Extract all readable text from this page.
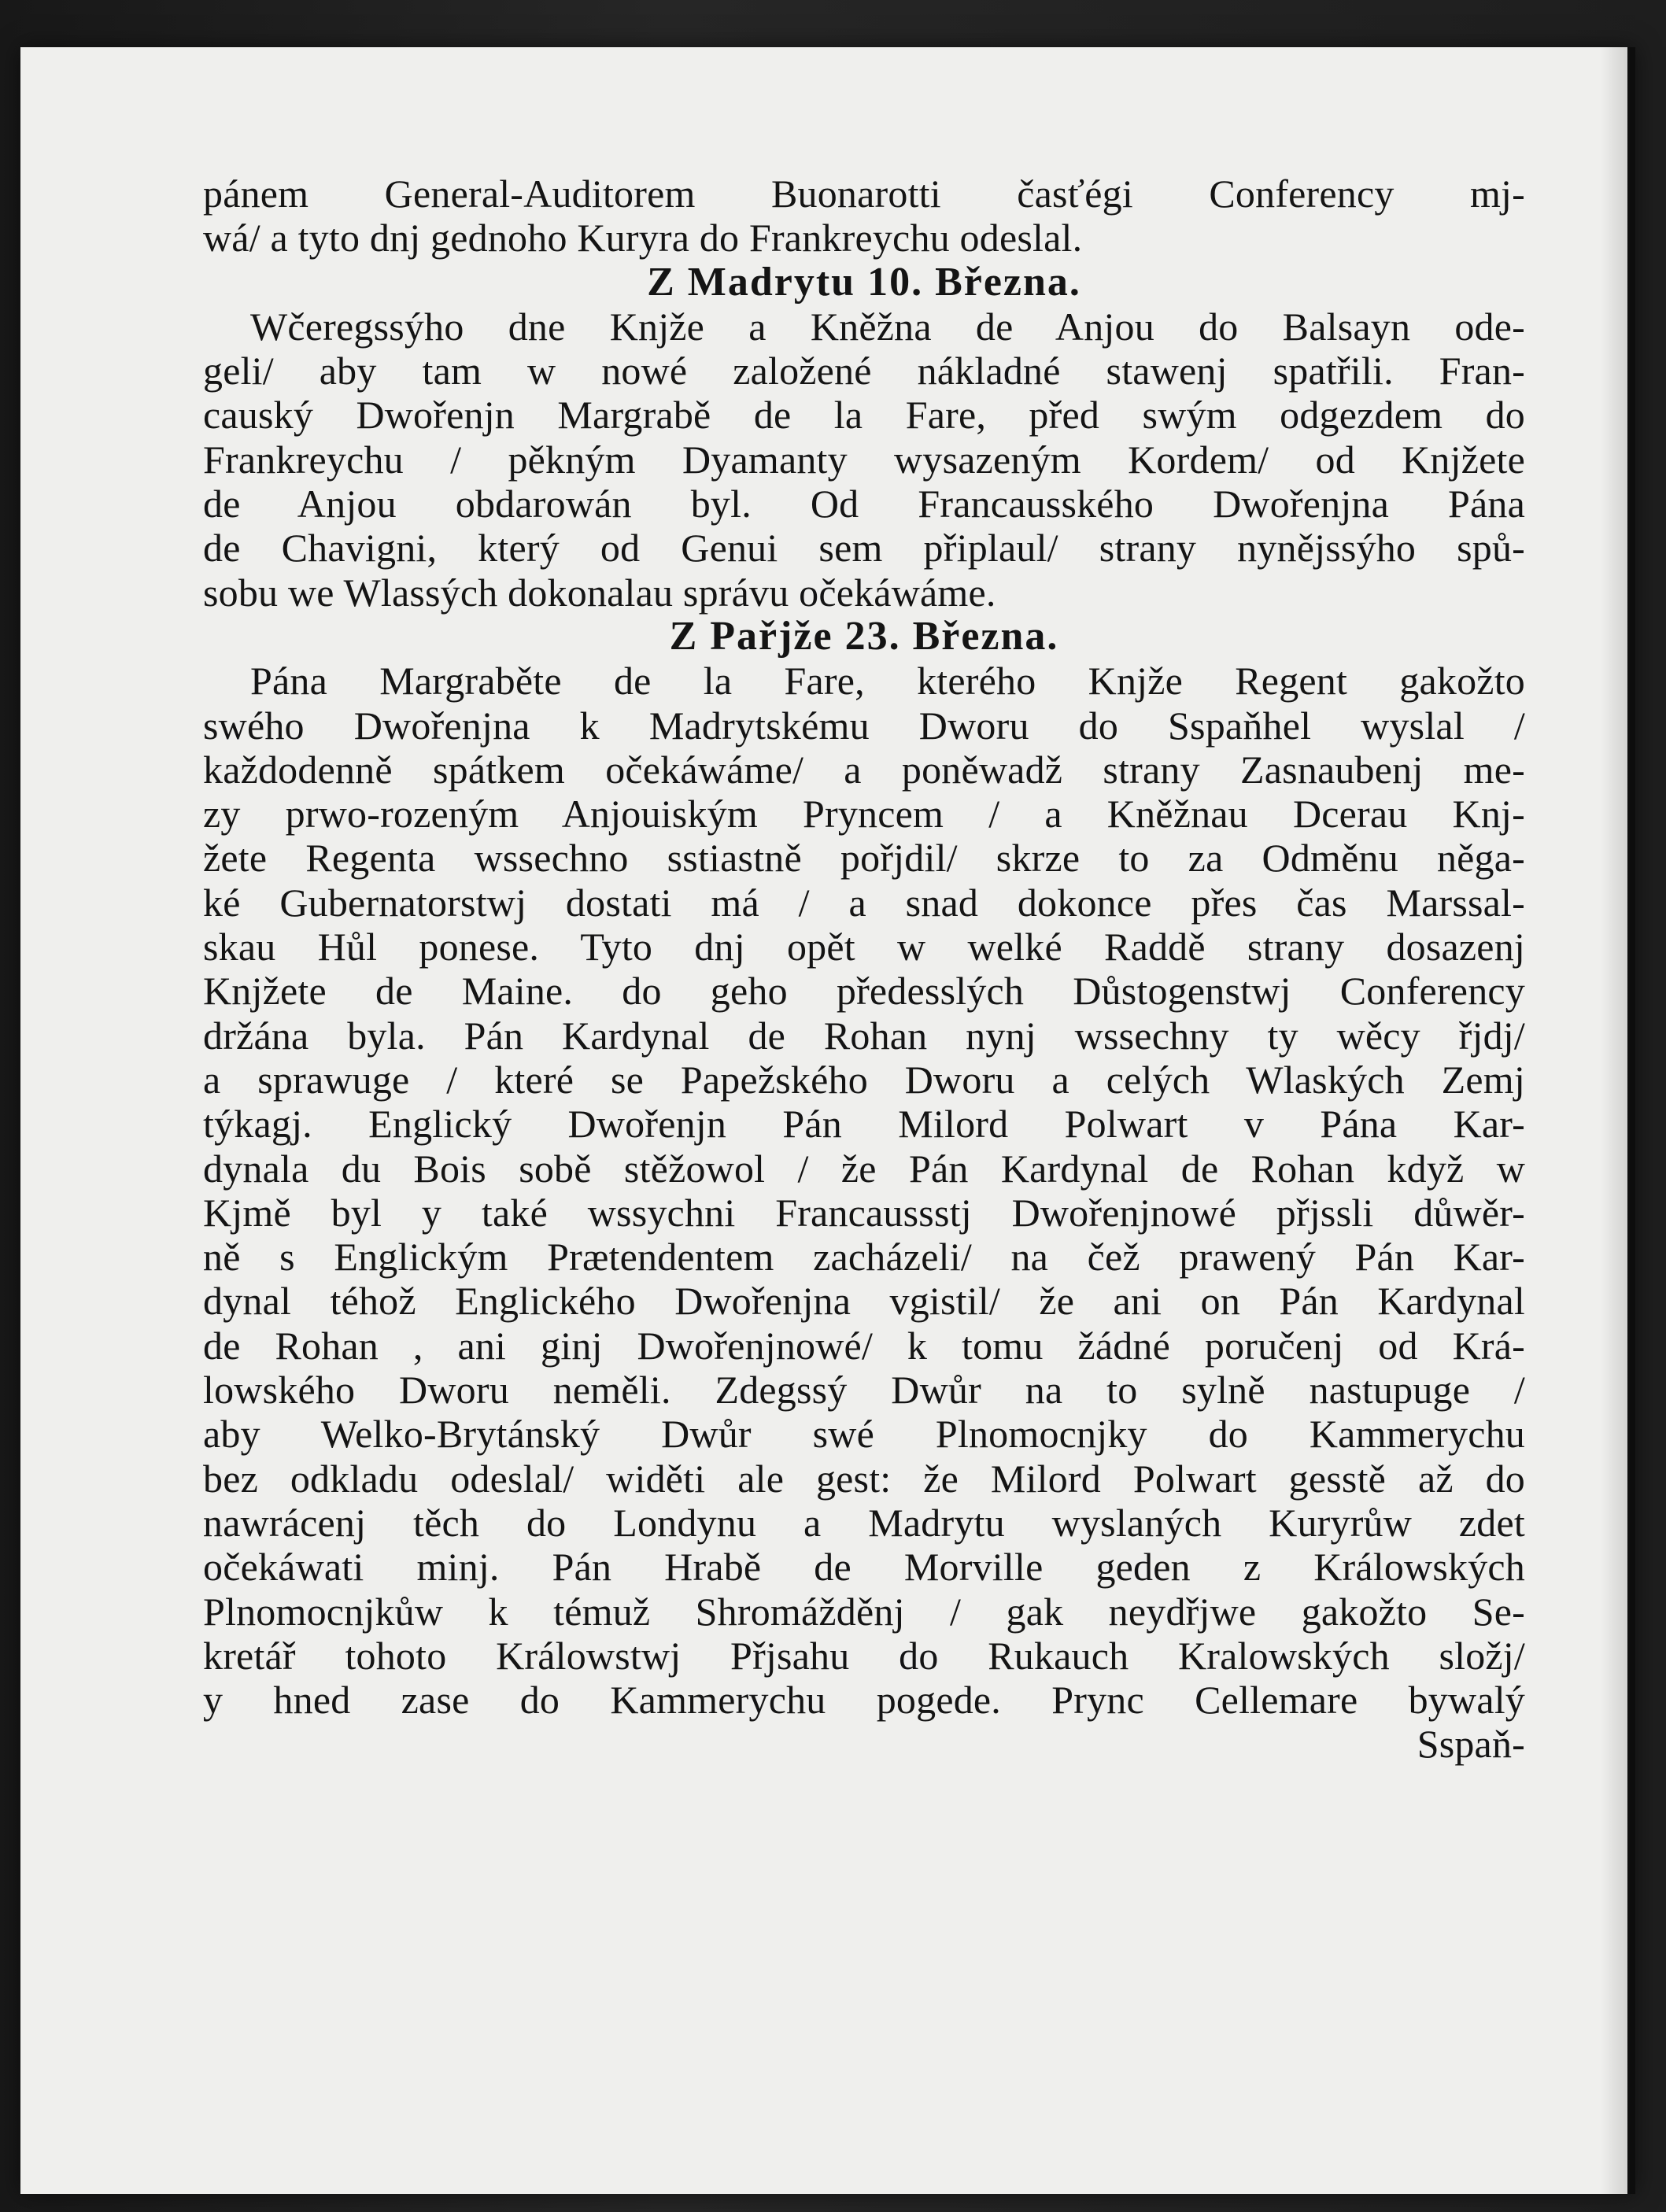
pánem General-Auditorem Buonarotti časťégi Conferency mj-
wá/ a tyto dnj gednoho Kuryra do Frankreychu odeslal.
Z Madrytu 10. Března.
Wčeregssýho dne Knjže a Kněžna de Anjou do Balsayn ode-
geli/ aby tam w nowé založené nákladné stawenj spatřili. Fran-
causký Dwořenjn Margrabě de la Fare, před swým odgezdem do
Frankreychu / pěkným Dyamanty wysazeným Kordem/ od Knjžete
de Anjou obdarowán byl. Od Francausského Dwořenjna Pána
de Chavigni, který od Genui sem připlaul/ strany nynějssýho spů-
sobu we Wlassých dokonalau správu očekáwáme.
Z Pařjže 23. Března.
Pána Margraběte de la Fare, kterého Knjže Regent gakožto
swého Dwořenjna k Madrytskému Dworu do Sspaňhel wyslal /
každodenně spátkem očekáwáme/ a poněwadž strany Zasnaubenj me-
zy prwo-rozeným Anjouiským Pryncem / a Kněžnau Dcerau Knj-
žete Regenta wssechno sstiastně pořjdil/ skrze to za Odměnu něga-
ké Gubernatorstwj dostati má / a snad dokonce přes čas Marssal-
skau Hůl ponese. Tyto dnj opět w welké Raddě strany dosazenj
Knjžete de Maine. do geho předesslých Důstogenstwj Conferency
držána byla. Pán Kardynal de Rohan nynj wssechny ty wěcy řjdj/
a sprawuge / které se Papežského Dworu a celých Wlaských Zemj
týkagj. Englický Dwořenjn Pán Milord Polwart v Pána Kar-
dynala du Bois sobě stěžowol / že Pán Kardynal de Rohan když w
Kjmě byl y také wssychni Francaussstj Dwořenjnowé přjssli důwěr-
ně s Englickým Prætendentem zacházeli/ na čež prawený Pán Kar-
dynal téhož Englického Dwořenjna vgistil/ že ani on Pán Kardynal
de Rohan , ani ginj Dwořenjnowé/ k tomu žádné poručenj od Krá-
lowského Dworu neměli. Zdegssý Dwůr na to sylně nastupuge /
aby Welko-Brytánský Dwůr swé Plnomocnjky do Kammerychu
bez odkladu odeslal/ widěti ale gest: že Milord Polwart gesstě až do
nawrácenj těch do Londynu a Madrytu wyslaných Kuryrůw zdet
očekáwati minj. Pán Hrabě de Morville geden z Králowských
Plnomocnjkůw k témuž Shromážděnj / gak neydřjwe gakožto Se-
kretář tohoto Králowstwj Přjsahu do Rukauch Kralowských složj/
y hned zase do Kammerychu pogede. Prync Cellemare bywalý
Sspaň-
